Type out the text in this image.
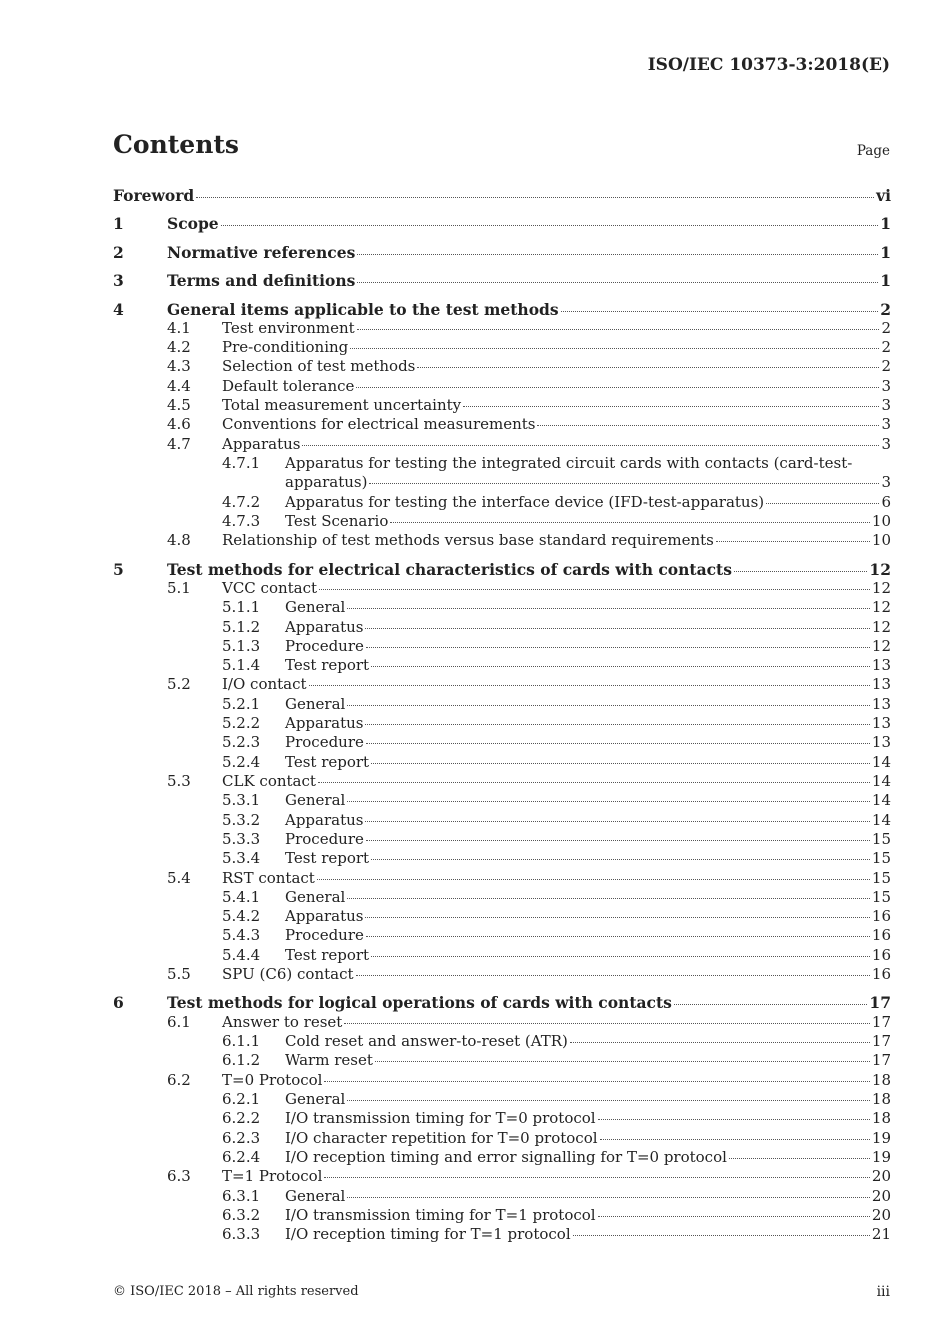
ISO/IEC 10373-3:2018(E)
Contents	Page
Foreword	vi
1	Scope	1
2	Normative references	1
3	Terms and definitions	1
4	General items applicable to the test methods	2
4.1 Test environment	2
4.2 Pre-conditioning	2
4.3 Selection of test methods	2
4.4 Default tolerance	3
4.5 Total measurement uncertainty	3
4.6 Conventions for electrical measurements	3
4.7 Apparatus	3
4.7.1 Apparatus for testing the integrated circuit cards with contacts (card-test-
apparatus)	3
4.7.2 Apparatus for testing the interface device (IFD-test-apparatus)	6
4.7.3 Test Scenario	10
4.8 Relationship of test methods versus base standard requirements	10
5	Test methods for electrical characteristics of cards with contacts	12
5.1 VCC contact	12
5.1.1 General	12
5.1.2 Apparatus	12
5.1.3 Procedure	12
5.1.4 Test report	13
5.2 I/O contact	13
5.2.1 General	13
5.2.2 Apparatus	13
5.2.3 Procedure	13
5.2.4 Test report	14
5.3 CLK contact	14
5.3.1 General	14
5.3.2 Apparatus	14
5.3.3 Procedure	15
5.3.4 Test report	15
5.4 RST contact	15
5.4.1 General	15
5.4.2 Apparatus	16
5.4.3 Procedure	16
5.4.4 Test report	16
5.5 SPU (C6) contact	16
6	Test methods for logical operations of cards with contacts	17
6.1 Answer to reset	17
6.1.1 Cold reset and answer-to-reset (ATR)	17
6.1.2 Warm reset	17
6.2 T=0 Protocol	18
6.2.1 General	18
6.2.2 I/O transmission timing for T=0 protocol	18
6.2.3 I/O character repetition for T=0 protocol	19
6.2.4 I/O reception timing and error signalling for T=0 protocol	19
6.3 T=1 Protocol	20
6.3.1 General	20
6.3.2 I/O transmission timing for T=1 protocol	20
6.3.3 I/O reception timing for T=1 protocol	21
© ISO/IEC 2018 – All rights reserved	iii
